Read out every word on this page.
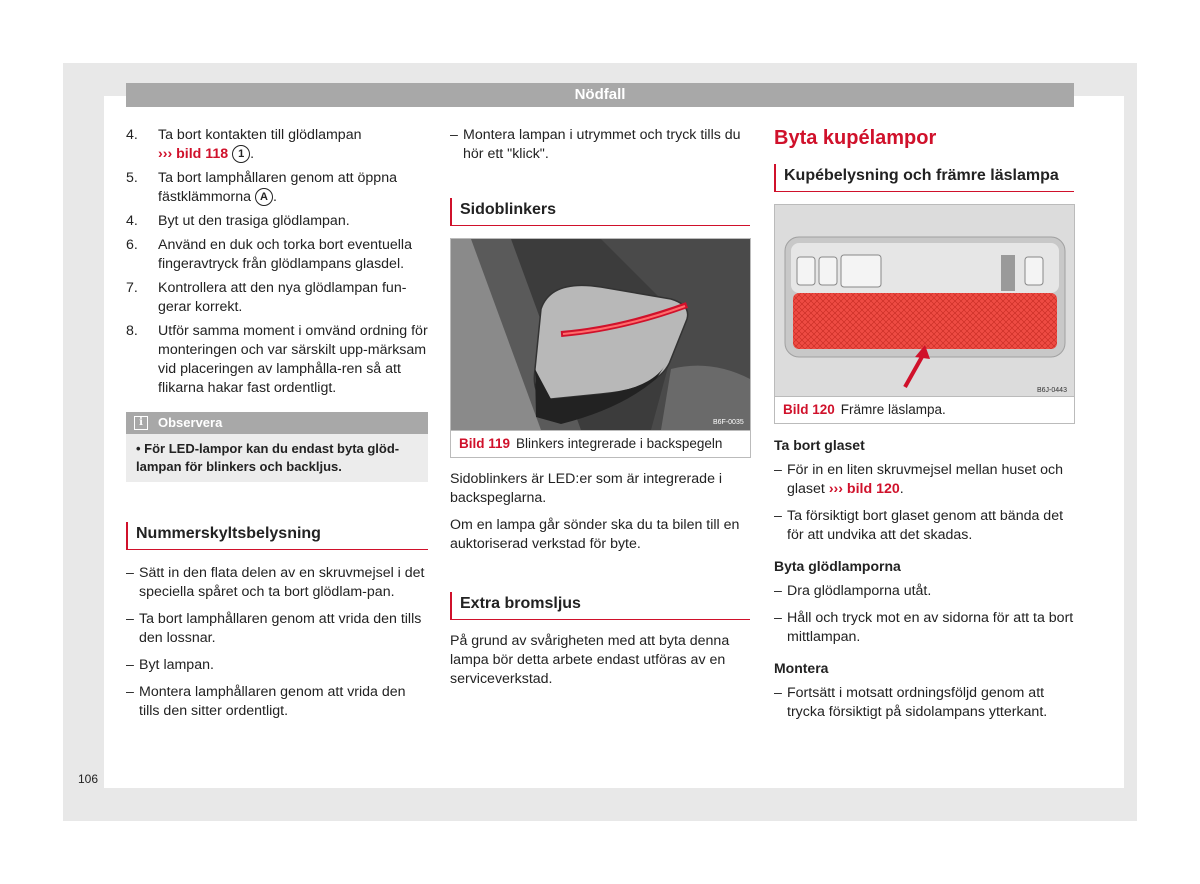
Nödfall
4.	Ta bort kontakten till glödlampan
››› bild 118 1 .
5.	Ta bort lamphållaren genom att öppna fästklämmorna A .
4.	Byt ut den trasiga glödlampan.
6.	Använd en duk och torka bort eventuella fingeravtryck från glödlampans glasdel.
7.	Kontrollera att den nya glödlampan fun-gerar korrekt.
8.	Utför samma moment i omvänd ordning för monteringen och var särskilt upp-märksam vid placeringen av lamphålla-ren så att flikarna hakar fast ordentligt.
i	Observera
• För LED-lampor kan du endast byta glöd-lampan för blinkers och backljus.
Nummerskyltsbelysning
– Sätt in den flata delen av en skruvmejsel i det speciella spåret och ta bort glödlam-pan.
– Ta bort lamphållaren genom att vrida den tills den lossnar.
– Byt lampan.
– Montera lamphållaren genom att vrida den tills den sitter ordentligt.
– Montera lampan i utrymmet och tryck tills du hör ett "klick".
Sidoblinkers
B6F-0035
Bild 119 Blinkers integrerade i backspegeln

Sidoblinkers är LED:er som är integrerade i backspeglarna.

Om en lampa går sönder ska du ta bilen till en auktoriserad verkstad för byte.

Extra bromsljus

På grund av svårigheten med att byta denna lampa bör detta arbete endast utföras av en serviceverkstad.

Byta kupélampor
Kupébelysning och främre läslampa
B6J-0443
Bild 120 Främre läslampa.
Ta bort glaset
– För in en liten skruvmejsel mellan huset och glaset ››› bild 120.
– Ta försiktigt bort glaset genom att bända det för att undvika att det skadas.
Byta glödlamporna
– Dra glödlamporna utåt.
– Håll och tryck mot en av sidorna för att ta bort mittlampan.
Montera
– Fortsätt i motsatt ordningsföljd genom att trycka försiktigt på sidolampans ytterkant.
106
